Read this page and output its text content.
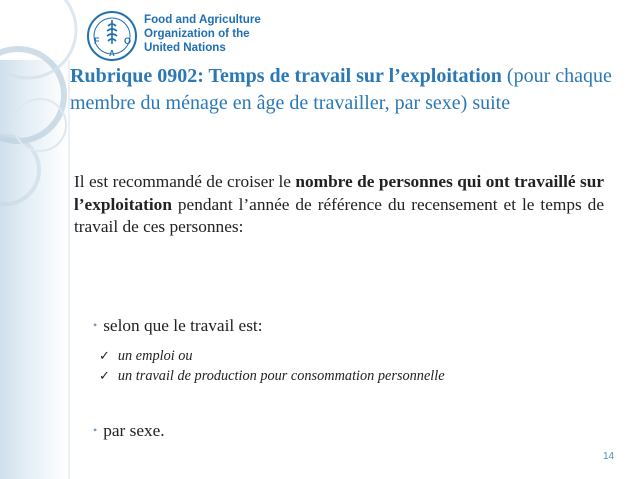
F	O
A
Food and Agriculture
Organization of the
United Nations
Rubrique 0902: Temps de travail sur l’exploitation (pour chaque membre du ménage en âge de travailler, par sexe) suite
Il est recommandé de croiser le nombre de personnes qui ont travaillé sur l’exploitation pendant l’année de référence du recensement et le temps de travail de ces personnes:
• selon que le travail est:
✓ un emploi ou
✓ un travail de production pour consommation personnelle
• par sexe.
14
